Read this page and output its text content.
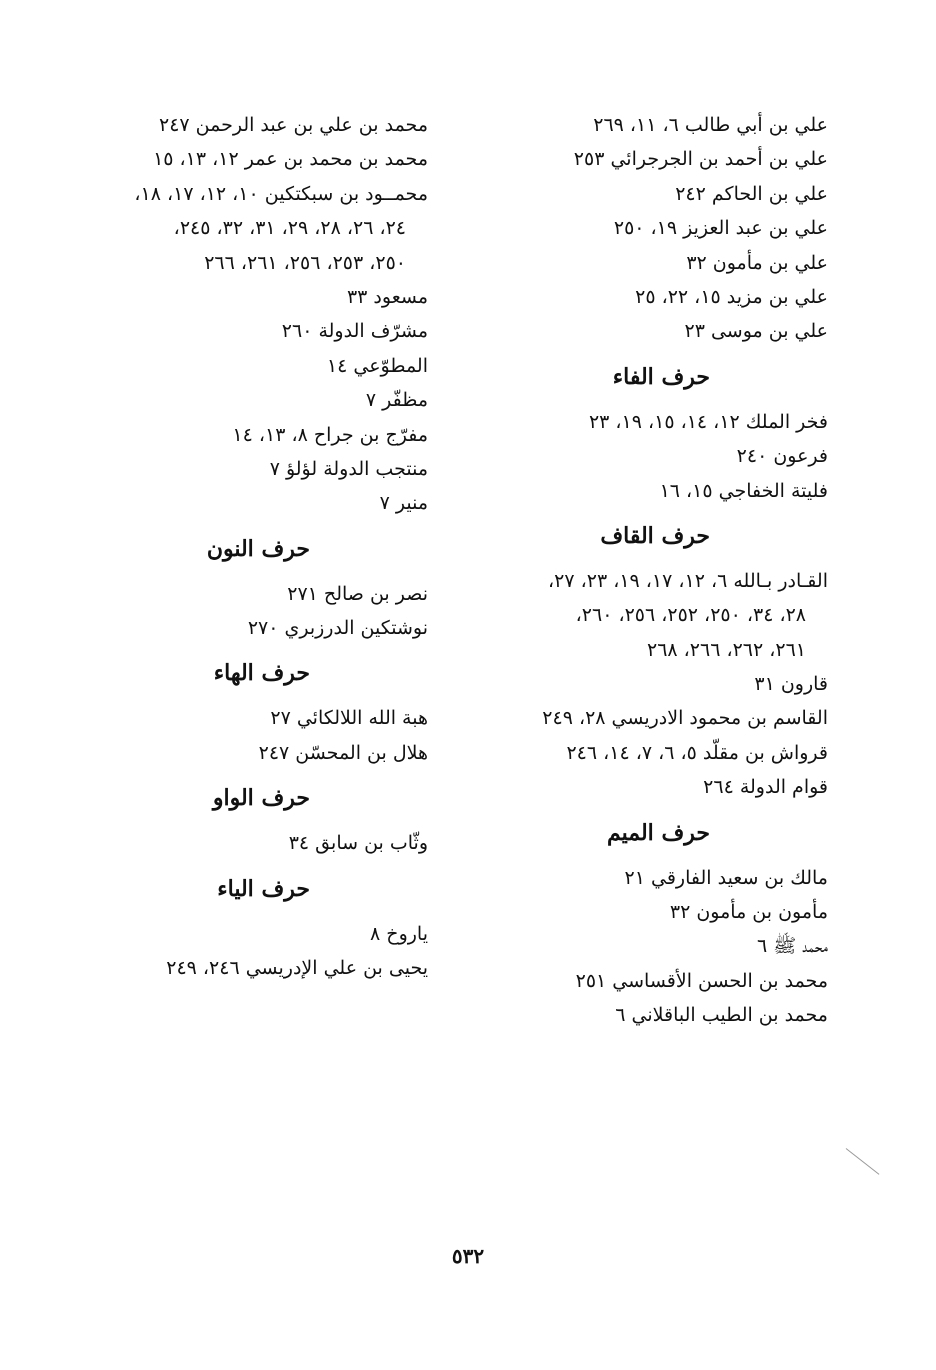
علي بن أبي طالب ٦، ١١، ٢٦٩
علي بن أحمد بن الجرجرائي ٢٥٣
علي بن الحاكم ٢٤٢
علي بن عبد العزيز ١٩، ٢٥٠
علي بن مأمون ٣٢
علي بن مزيد ١٥، ٢٢، ٢٥
علي بن موسى ٢٣
حرف الفاء
فخر الملك ١٢، ١٤، ١٥، ١٩، ٢٣
فرعون ٢٤٠
فليتة الخفاجي ١٥، ١٦
حرف القاف
القـادر بـالله ٦، ١٢، ١٧، ١٩، ٢٣، ٢٧،
٢٨، ٣٤، ٢٥٠، ٢٥٢، ٢٥٦، ٢٦٠،
٢٦١، ٢٦٢، ٢٦٦، ٢٦٨
قارون ٣١
القاسم بن محمود الادريسي ٢٨، ٢٤٩
قرواش بن مقلّد ٥، ٦، ٧، ١٤، ٢٤٦
قوام الدولة ٢٦٤
حرف الميم
مالك بن سعيد الفارقي ٢١
مأمون بن مأمون ٣٢
محمد ﷺ ٦
محمد بن الحسن الأقساسي ٢٥١
محمد بن الطيب الباقلاني ٦
محمد بن علي بن عبد الرحمن ٢٤٧
محمد بن محمد بن عمر ١٢، ١٣، ١٥
محمــود بن سبكتكين ١٠، ١٢، ١٧، ١٨،
٢٤، ٢٦، ٢٨، ٢٩، ٣١، ٣٢، ٢٤٥،
٢٥٠، ٢٥٣، ٢٥٦، ٢٦١، ٢٦٦
مسعود ٣٣
مشرّف الدولة ٢٦٠
المطوّعي ١٤
مظفّر ٧
مفرّج بن جراح ٨، ١٣، ١٤
منتجب الدولة لؤلؤ ٧
منير ٧
حرف النون
نصر بن صالح ٢٧١
نوشتكين الدرزبري ٢٧٠
حرف الهاء
هبة الله اللالكائي ٢٧
هلال بن المحسّن ٢٤٧
حرف الواو
وثّاب بن سابق ٣٤
حرف الياء
ياروخ ٨
يحيى بن علي الإدريسي ٢٤٦، ٢٤٩
٥٣٢
